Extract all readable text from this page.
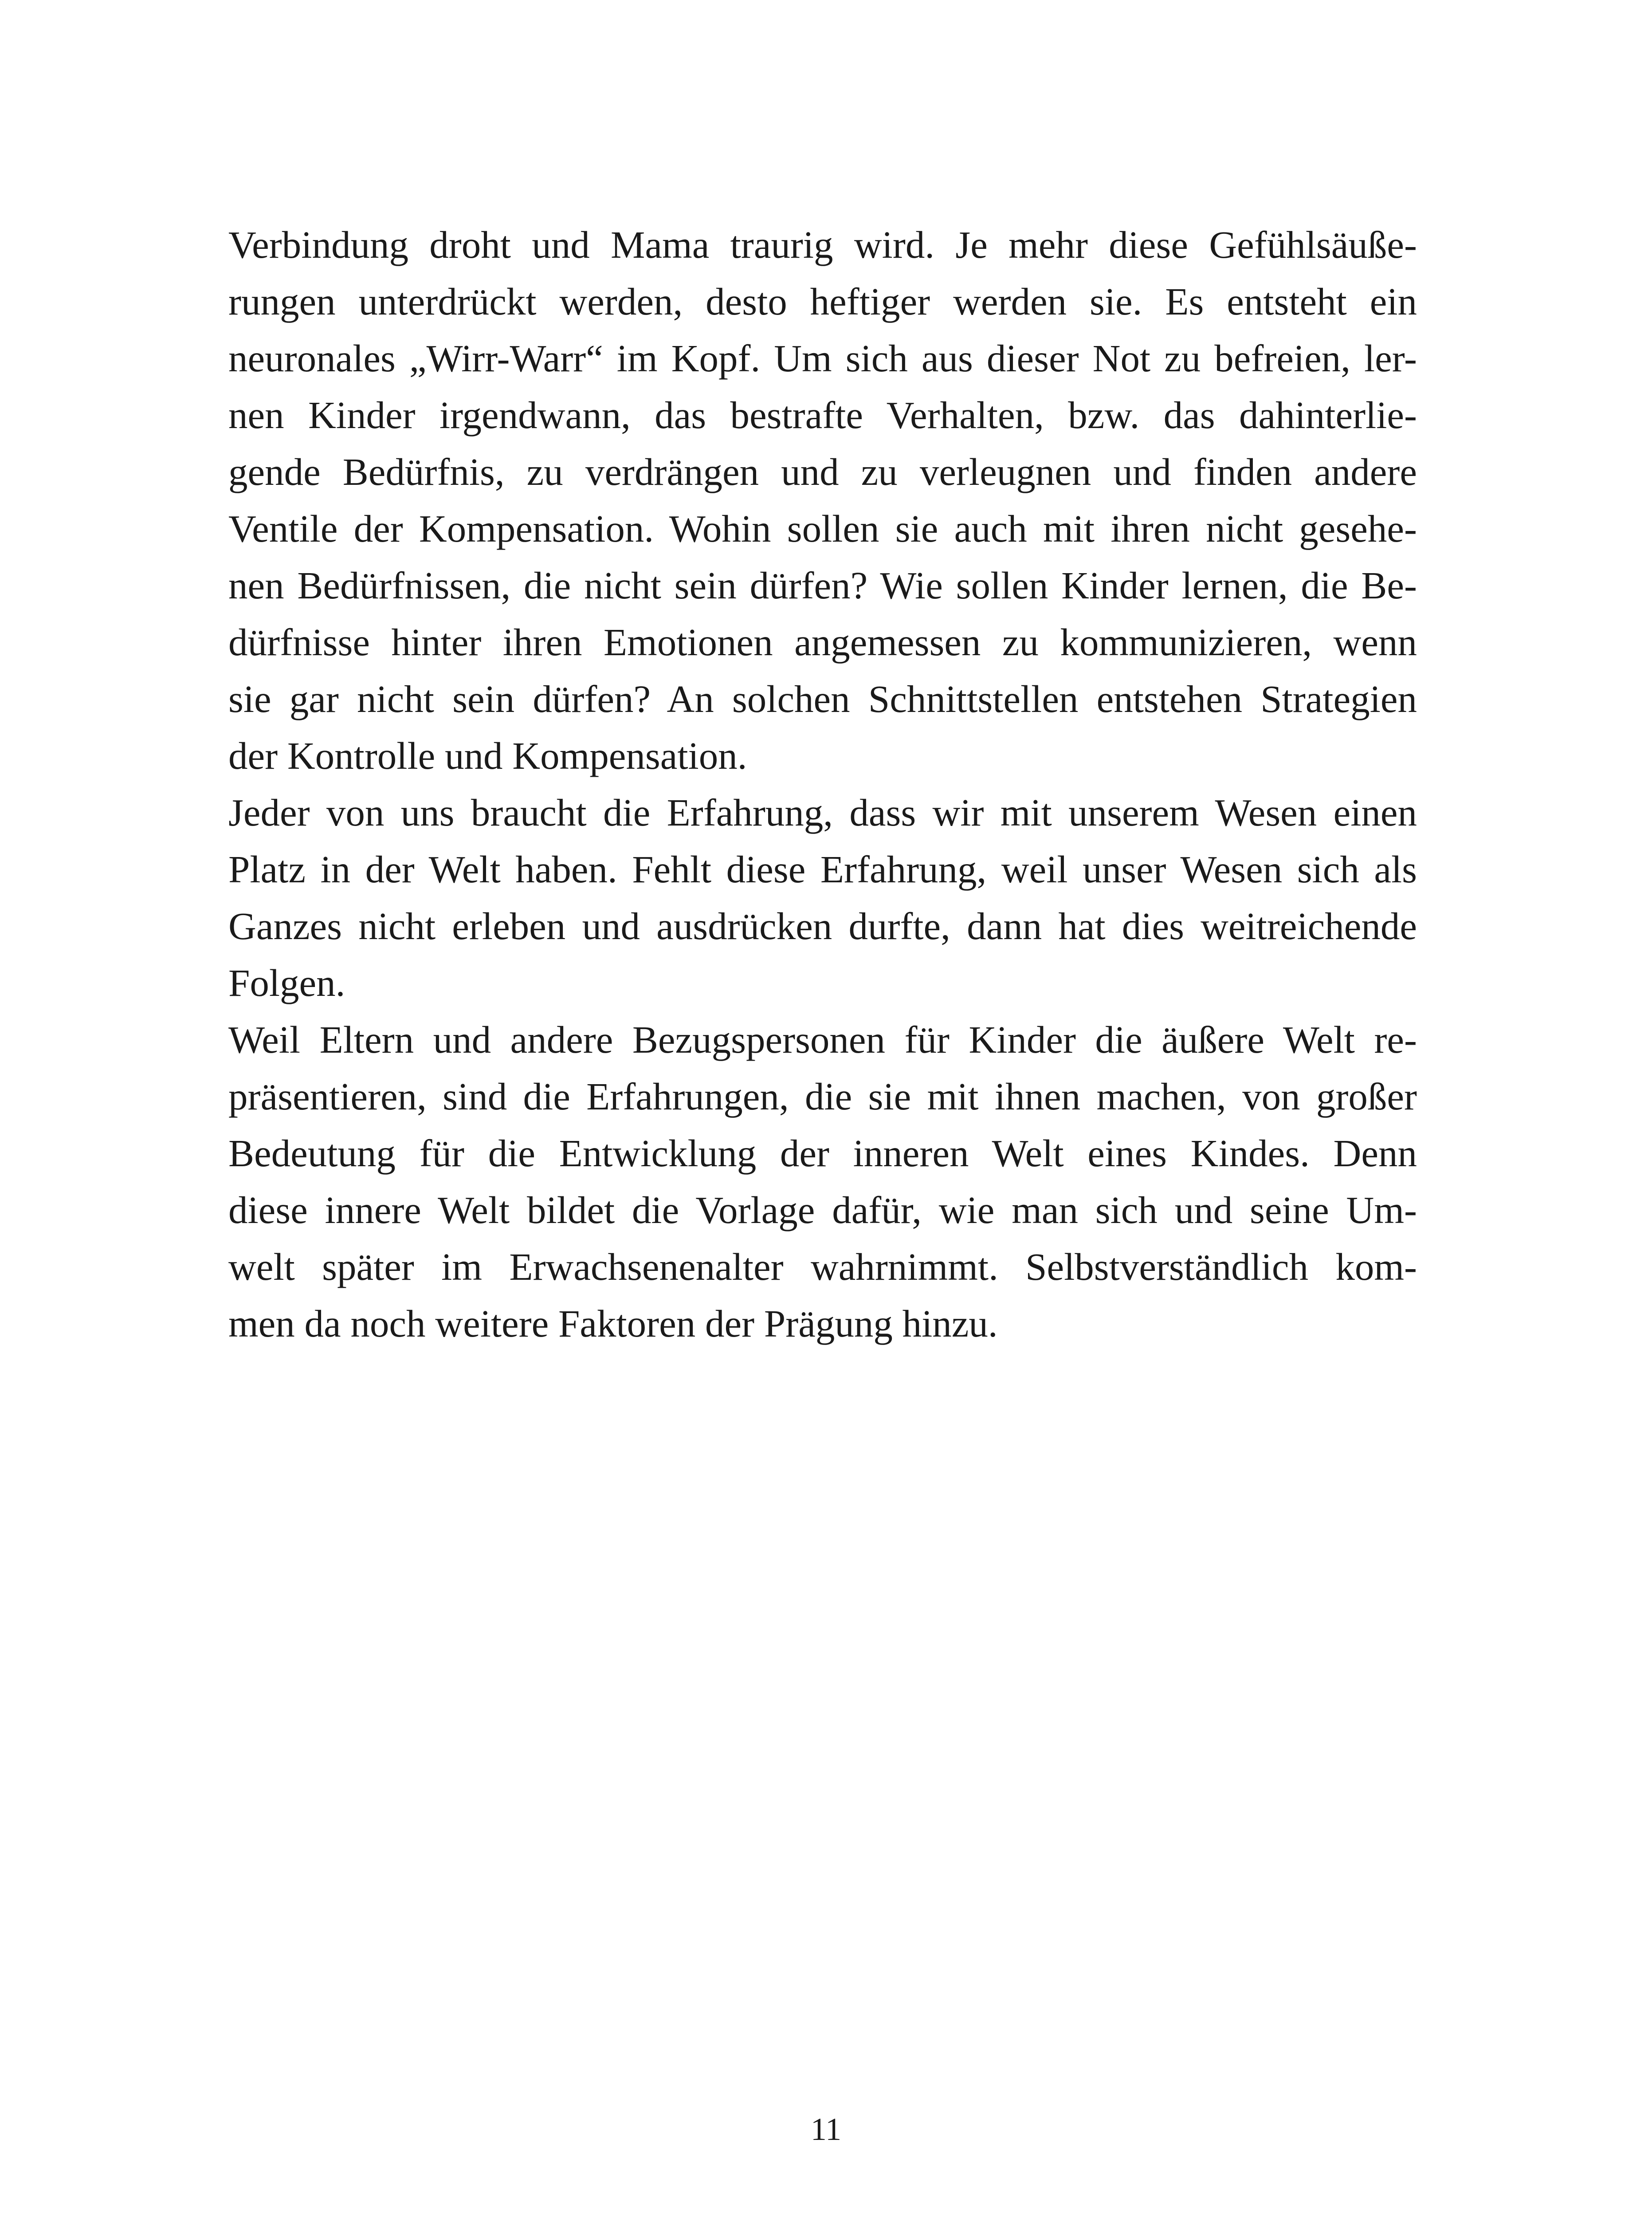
Verbindung droht und Mama traurig wird. Je mehr diese Gefühlsäuße-
rungen unterdrückt werden, desto heftiger werden sie. Es entsteht ein
neuronales „Wirr-Warr“ im Kopf. Um sich aus dieser Not zu befreien, ler-
nen Kinder irgendwann, das bestrafte Verhalten, bzw. das dahinterlie-
gende Bedürfnis, zu verdrängen und zu verleugnen und finden andere
Ventile der Kompensation. Wohin sollen sie auch mit ihren nicht gesehe-
nen Bedürfnissen, die nicht sein dürfen? Wie sollen Kinder lernen, die Be-
dürfnisse hinter ihren Emotionen angemessen zu kommunizieren, wenn
sie gar nicht sein dürfen? An solchen Schnittstellen entstehen Strategien
der Kontrolle und Kompensation.
Jeder von uns braucht die Erfahrung, dass wir mit unserem Wesen einen
Platz in der Welt haben. Fehlt diese Erfahrung, weil unser Wesen sich als
Ganzes nicht erleben und ausdrücken durfte, dann hat dies weitreichende
Folgen.
Weil Eltern und andere Bezugspersonen für Kinder die äußere Welt re-
präsentieren, sind die Erfahrungen, die sie mit ihnen machen, von großer
Bedeutung für die Entwicklung der inneren Welt eines Kindes. Denn
diese innere Welt bildet die Vorlage dafür, wie man sich und seine Um-
welt später im Erwachsenenalter wahrnimmt. Selbstverständlich kom-
men da noch weitere Faktoren der Prägung hinzu.
11
